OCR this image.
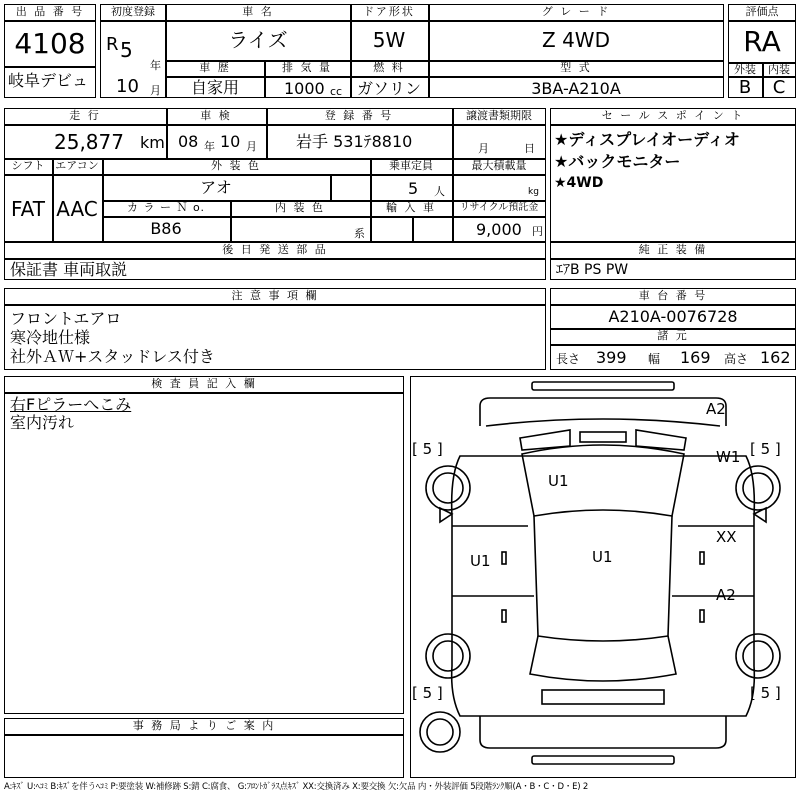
出 品 番 号
4108
岐阜デビュ
初度登録
R 5
年
10 月
車 名
ライズ
ドア形状
5W
グ レ ー ド
Z 4WD
車 歴
自家用
排 気 量
1000 cc
燃 料
ガソリン
型 式
3BA-A210A
評価点
RA
外装	内装
B	C
走 行
25,877 km
車 検
08 年 10 月
登 録 番 号
岩手 531ﾃ8810
譲渡書類期限
月	日
シフト
FAT
エアコン
AAC
外 装 色
アオ
乗車定員
5 人
最大積載量
kg
カ ラ ー Ｎ o.
B86
内 装 色
系
輸 入 車	リサイクル預託金
9,000 円
セ ー ル ス ポ イ ン ト
★ディスプレイオーディオ
★バックモニター
★4WD
後 日 発 送 部 品
保証書 車両取説
純 正 装 備
ｴｱB PS PW
注 意 事 項 欄
フロントエアロ
寒冷地仕様
社外ＡＷ+スタッドレス付き
車 台 番 号
A210A-0076728
諸 元
長さ 399 幅 169 高さ 162
検 査 員 記 入 欄
右Fピラーへこみ
室内汚れ
事 務 局 よ り ご 案 内
A2
W1
U1
U1	U1
XX
A2
[ 5 ]	[ 5 ]
[ 5 ]	[ 5 ]
A:ｷｽﾞ U:ﾍｺﾐ B:ｷｽﾞを伴うﾍｺﾐ P:要塗装 W:補修跡 S:錆 C:腐食、 G:ﾌﾛﾝﾄｶﾞﾗｽ点ｷｽﾞ XX:交換済み X:要交換 欠:欠品 内・外装評価 5段階ﾗﾝｸ順(A・B・C・D・E) 2
